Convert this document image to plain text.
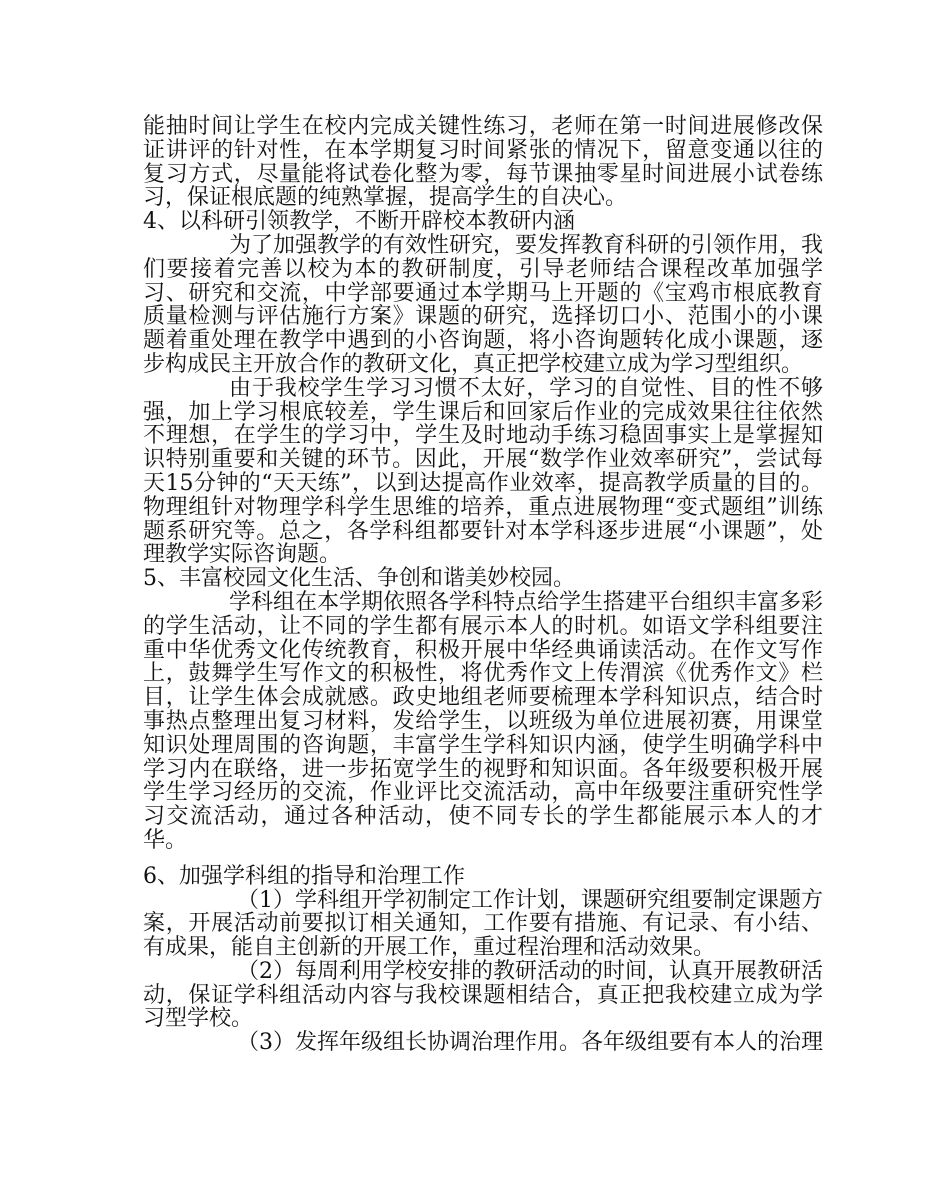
能抽时间让学生在校内完成关键性练习，老师在第一时间进展修改保证讲评的针对性，在本学期复习时间紧张的情况下，留意变通以往的复习方式，尽量能将试卷化整为零，每节课抽零星时间进展小试卷练习，保证根底题的纯熟掌握，提高学生的自决心。

4、以科研引领教学，不断开辟校本教研内涵

为了加强教学的有效性研究，要发挥教育科研的引领作用，我们要接着完善以校为本的教研制度，引导老师结合课程改革加强学习、研究和交流，中学部要通过本学期马上开题的《宝鸡市根底教育质量检测与评估施行方案》课题的研究，选择切口小、范围小的小课题着重处理在教学中遇到的小咨询题，将小咨询题转化成小课题，逐步构成民主开放合作的教研文化，真正把学校建立成为学习型组织。

由于我校学生学习习惯不太好，学习的自觉性、目的性不够强，加上学习根底较差，学生课后和回家后作业的完成效果往往依然不理想，在学生的学习中，学生及时地动手练习稳固事实上是掌握知识特别重要和关键的环节。因此，开展“数学作业效率研究”，尝试每天15分钟的“天天练”，以到达提高作业效率，提高教学质量的目的。物理组针对物理学科学生思维的培养，重点进展物理“变式题组”训练题系研究等。总之，各学科组都要针对本学科逐步进展“小课题”，处理教学实际咨询题。

5、丰富校园文化生活、争创和谐美妙校园。

学科组在本学期依照各学科特点给学生搭建平台组织丰富多彩的学生活动，让不同的学生都有展示本人的时机。如语文学科组要注重中华优秀文化传统教育，积极开展中华经典诵读活动。在作文写作上，鼓舞学生写作文的积极性，将优秀作文上传渭滨《优秀作文》栏目，让学生体会成就感。政史地组老师要梳理本学科知识点，结合时事热点整理出复习材料，发给学生，以班级为单位进展初赛，用课堂知识处理周围的咨询题，丰富学生学科知识内涵，使学生明确学科中学习内在联络，进一步拓宽学生的视野和知识面。各年级要积极开展学生学习经历的交流，作业评比交流活动，高中年级要注重研究性学习交流活动，通过各种活动，使不同专长的学生都能展示本人的才华。

6、加强学科组的指导和治理工作

（1）学科组开学初制定工作计划，课题研究组要制定课题方案，开展活动前要拟订相关通知，工作要有措施、有记录、有小结、有成果，能自主创新的开展工作，重过程治理和活动效果。

（2）每周利用学校安排的教研活动的时间，认真开展教研活动，保证学科组活动内容与我校课题相结合，真正把我校建立成为学习型学校。

（3）发挥年级组长协调治理作用。各年级组要有本人的治理
